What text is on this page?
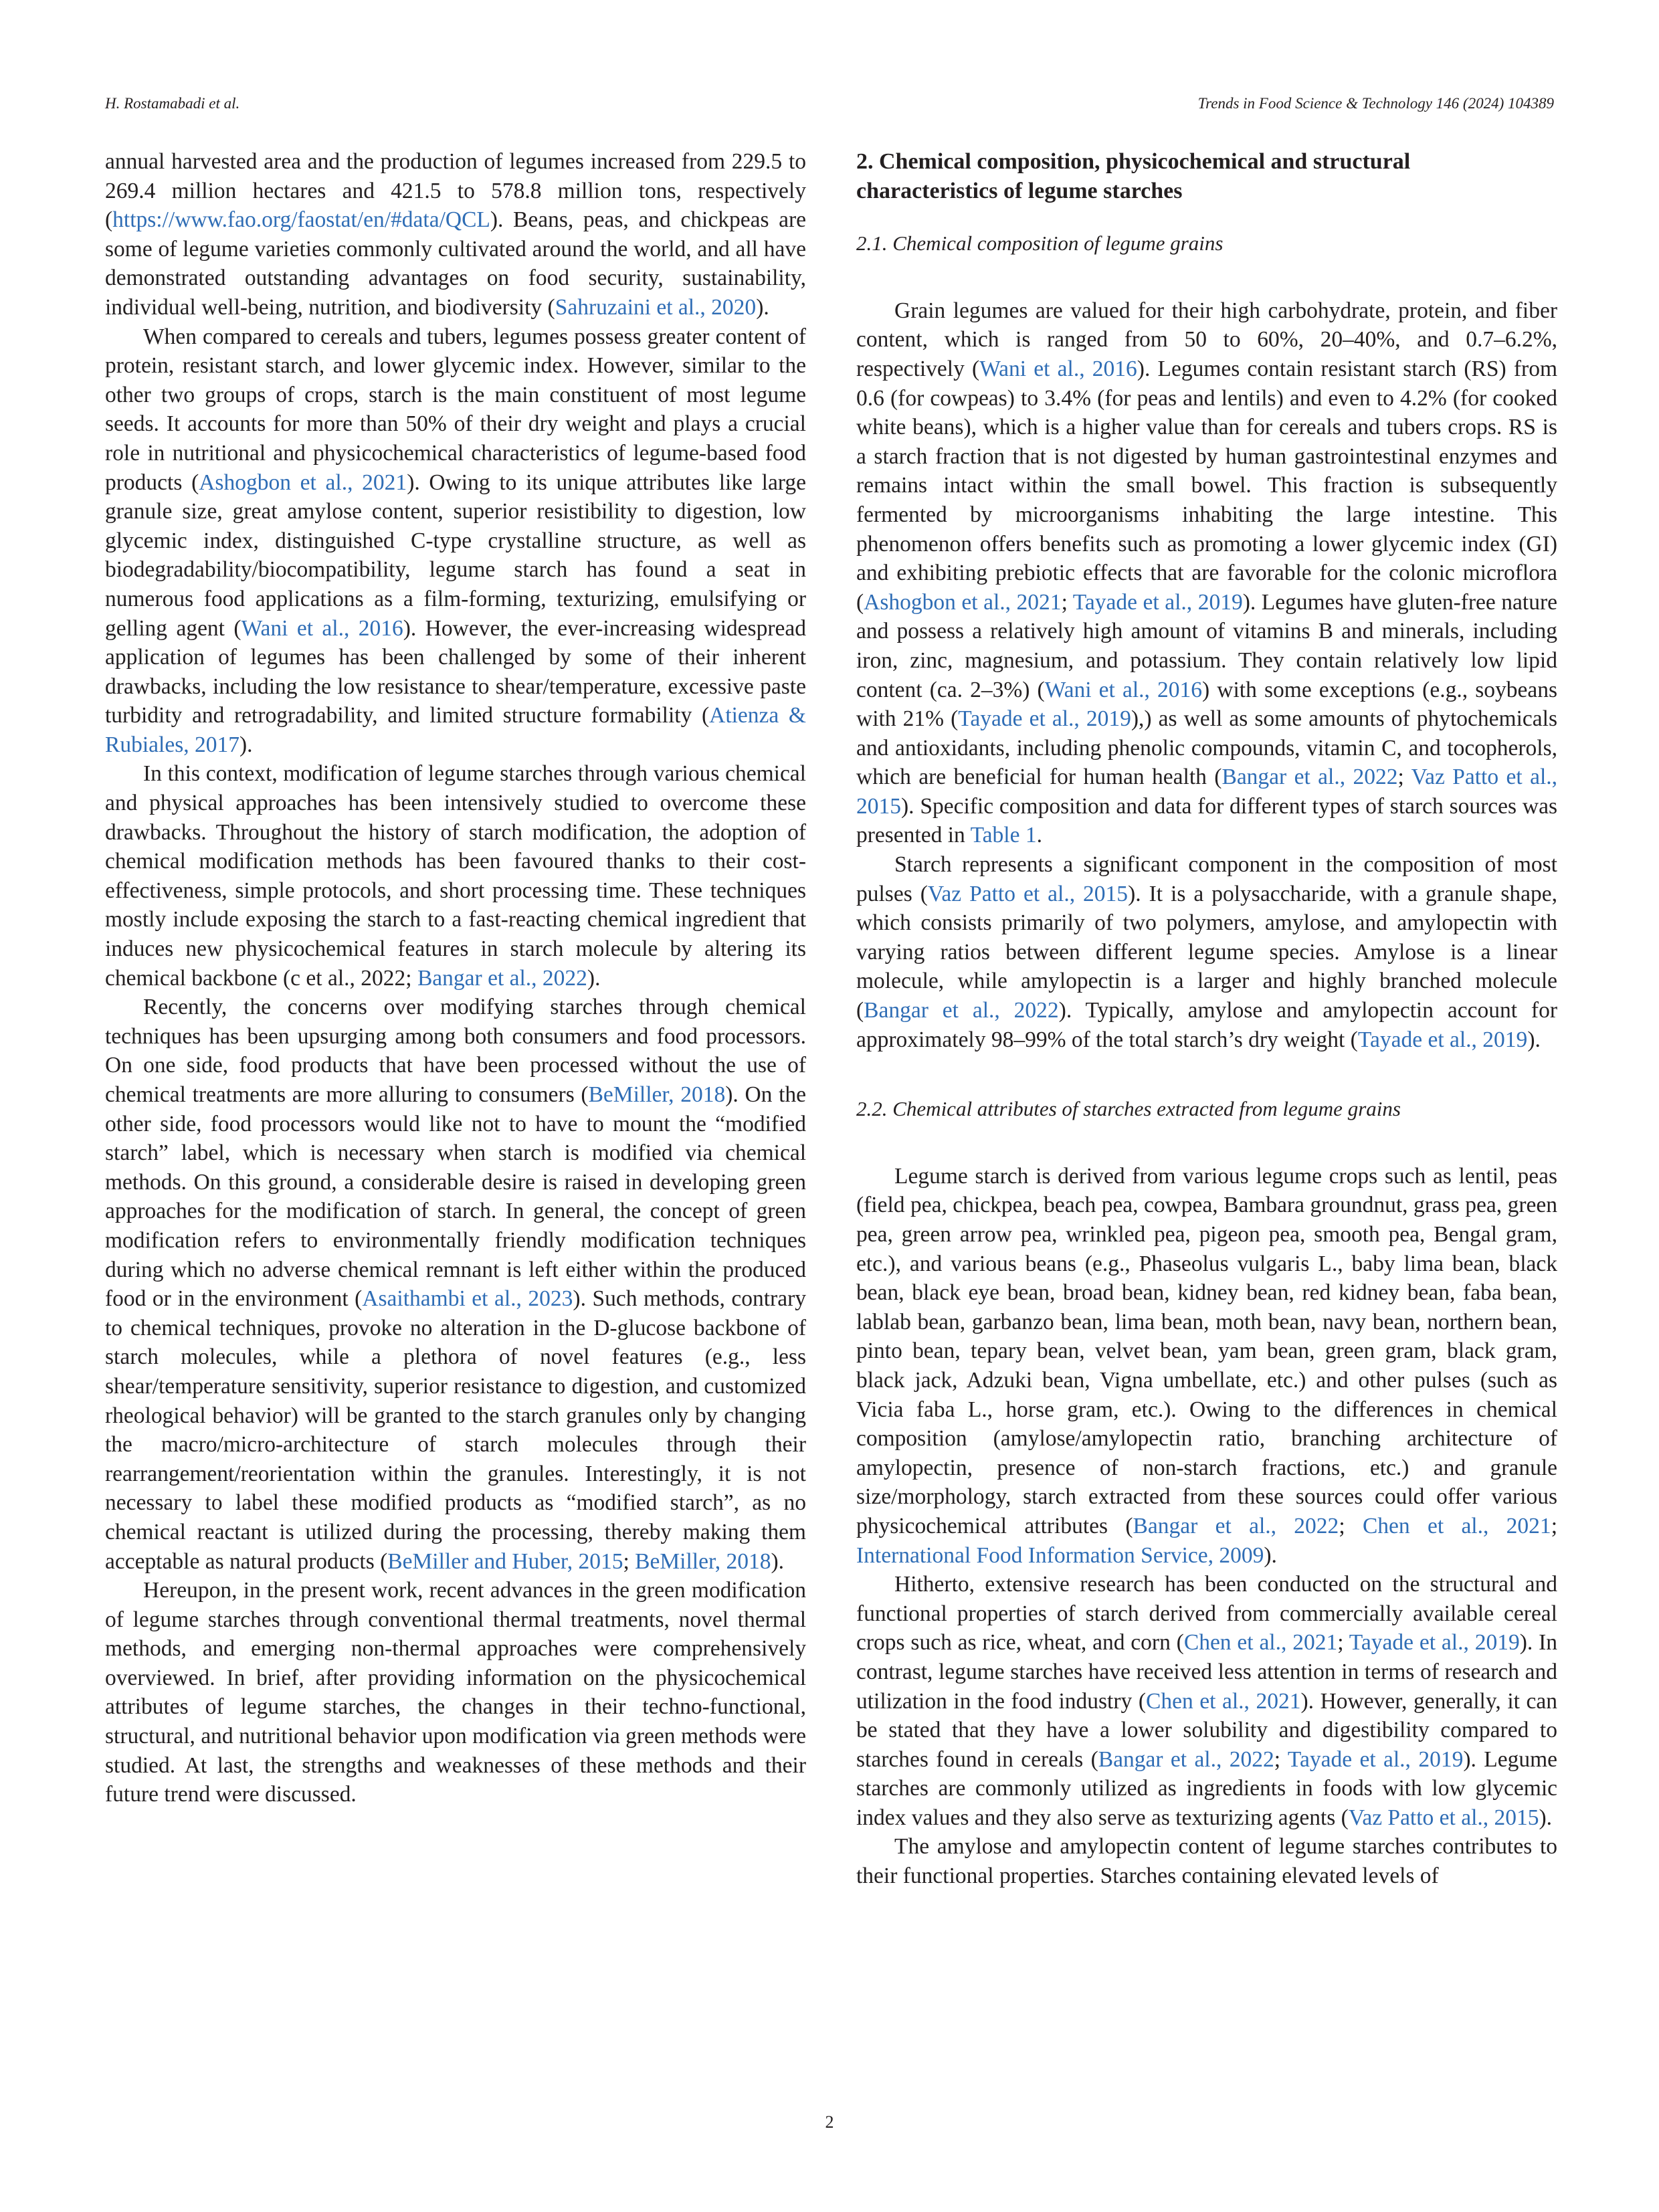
H. Rostamabadi et al.	Trends in Food Science & Technology 146 (2024) 104389

annual harvested area and the production of legumes increased from 229.5 to 269.4 million hectares and 421.5 to 578.8 million tons, respectively (https://www.fao.org/faostat/en/#data/QCL). Beans, peas, and chickpeas are some of legume varieties commonly cultivated around the world, and all have demonstrated outstanding advantages on food security, sustainability, individual well-being, nutrition, and biodiversity (Sahruzaini et al., 2020).

When compared to cereals and tubers, legumes possess greater content of protein, resistant starch, and lower glycemic index. However, similar to the other two groups of crops, starch is the main constituent of most legume seeds. It accounts for more than 50% of their dry weight and plays a crucial role in nutritional and physicochemical characteristics of legume-based food products (Ashogbon et al., 2021). Owing to its unique attributes like large granule size, great amylose content, superior resistibility to digestion, low glycemic index, distinguished C-type crystalline structure, as well as biodegradability/biocompatibility, legume starch has found a seat in numerous food applications as a film-forming, texturizing, emulsifying or gelling agent (Wani et al., 2016). However, the ever-increasing widespread application of legumes has been challenged by some of their inherent drawbacks, including the low resistance to shear/temperature, excessive paste turbidity and retrogradability, and limited structure formability (Atienza & Rubiales, 2017).

In this context, modification of legume starches through various chemical and physical approaches has been intensively studied to overcome these drawbacks. Throughout the history of starch modification, the adoption of chemical modification methods has been favoured thanks to their cost-effectiveness, simple protocols, and short processing time. These techniques mostly include exposing the starch to a fast-reacting chemical ingredient that induces new physicochemical features in starch molecule by altering its chemical backbone (c et al., 2022; Bangar et al., 2022).

Recently, the concerns over modifying starches through chemical techniques has been upsurging among both consumers and food processors. On one side, food products that have been processed without the use of chemical treatments are more alluring to consumers (BeMiller, 2018). On the other side, food processors would like not to have to mount the “modified starch” label, which is necessary when starch is modified via chemical methods. On this ground, a considerable desire is raised in developing green approaches for the modification of starch. In general, the concept of green modification refers to environmentally friendly modification techniques during which no adverse chemical remnant is left either within the produced food or in the environment (Asaithambi et al., 2023). Such methods, contrary to chemical techniques, provoke no alteration in the D-glucose backbone of starch molecules, while a plethora of novel features (e.g., less shear/temperature sensitivity, superior resistance to digestion, and customized rheological behavior) will be granted to the starch granules only by changing the macro/micro-architecture of starch molecules through their rearrangement/reorientation within the granules. Interestingly, it is not necessary to label these modified products as “modified starch”, as no chemical reactant is utilized during the processing, thereby making them acceptable as natural products (BeMiller and Huber, 2015; BeMiller, 2018).

Hereupon, in the present work, recent advances in the green modification of legume starches through conventional thermal treatments, novel thermal methods, and emerging non-thermal approaches were comprehensively overviewed. In brief, after providing information on the physicochemical attributes of legume starches, the changes in their techno-functional, structural, and nutritional behavior upon modification via green methods were studied. At last, the strengths and weaknesses of these methods and their future trend were discussed.

2. Chemical composition, physicochemical and structural characteristics of legume starches
2.1. Chemical composition of legume grains

Grain legumes are valued for their high carbohydrate, protein, and fiber content, which is ranged from 50 to 60%, 20–40%, and 0.7–6.2%, respectively (Wani et al., 2016). Legumes contain resistant starch (RS) from 0.6 (for cowpeas) to 3.4% (for peas and lentils) and even to 4.2% (for cooked white beans), which is a higher value than for cereals and tubers crops. RS is a starch fraction that is not digested by human gastrointestinal enzymes and remains intact within the small bowel. This fraction is subsequently fermented by microorganisms inhabiting the large intestine. This phenomenon offers benefits such as promoting a lower glycemic index (GI) and exhibiting prebiotic effects that are favorable for the colonic microflora (Ashogbon et al., 2021; Tayade et al., 2019). Legumes have gluten-free nature and possess a relatively high amount of vitamins B and minerals, including iron, zinc, magnesium, and potassium. They contain relatively low lipid content (ca. 2–3%) (Wani et al., 2016) with some exceptions (e.g., soybeans with 21% (Tayade et al., 2019),) as well as some amounts of phytochemicals and antioxidants, including phenolic compounds, vitamin C, and tocopherols, which are beneficial for human health (Bangar et al., 2022; Vaz Patto et al., 2015). Specific composition and data for different types of starch sources was presented in Table 1.

Starch represents a significant component in the composition of most pulses (Vaz Patto et al., 2015). It is a polysaccharide, with a granule shape, which consists primarily of two polymers, amylose, and amylopectin with varying ratios between different legume species. Amylose is a linear molecule, while amylopectin is a larger and highly branched molecule (Bangar et al., 2022). Typically, amylose and amylopectin account for approximately 98–99% of the total starch’s dry weight (Tayade et al., 2019).

2.2. Chemical attributes of starches extracted from legume grains

Legume starch is derived from various legume crops such as lentil, peas (field pea, chickpea, beach pea, cowpea, Bambara groundnut, grass pea, green pea, green arrow pea, wrinkled pea, pigeon pea, smooth pea, Bengal gram, etc.), and various beans (e.g., Phaseolus vulgaris L., baby lima bean, black bean, black eye bean, broad bean, kidney bean, red kidney bean, faba bean, lablab bean, garbanzo bean, lima bean, moth bean, navy bean, northern bean, pinto bean, tepary bean, velvet bean, yam bean, green gram, black gram, black jack, Adzuki bean, Vigna umbellate, etc.) and other pulses (such as Vicia faba L., horse gram, etc.). Owing to the differences in chemical composition (amylose/amylopectin ratio, branching architecture of amylopectin, presence of non-starch fractions, etc.) and granule size/morphology, starch extracted from these sources could offer various physicochemical attributes (Bangar et al., 2022; Chen et al., 2021; International Food Information Service, 2009).

Hitherto, extensive research has been conducted on the structural and functional properties of starch derived from commercially available cereal crops such as rice, wheat, and corn (Chen et al., 2021; Tayade et al., 2019). In contrast, legume starches have received less attention in terms of research and utilization in the food industry (Chen et al., 2021). However, generally, it can be stated that they have a lower solubility and digestibility compared to starches found in cereals (Bangar et al., 2022; Tayade et al., 2019). Legume starches are commonly utilized as ingredients in foods with low glycemic index values and they also serve as texturizing agents (Vaz Patto et al., 2015).

The amylose and amylopectin content of legume starches contributes to their functional properties. Starches containing elevated levels of

2
